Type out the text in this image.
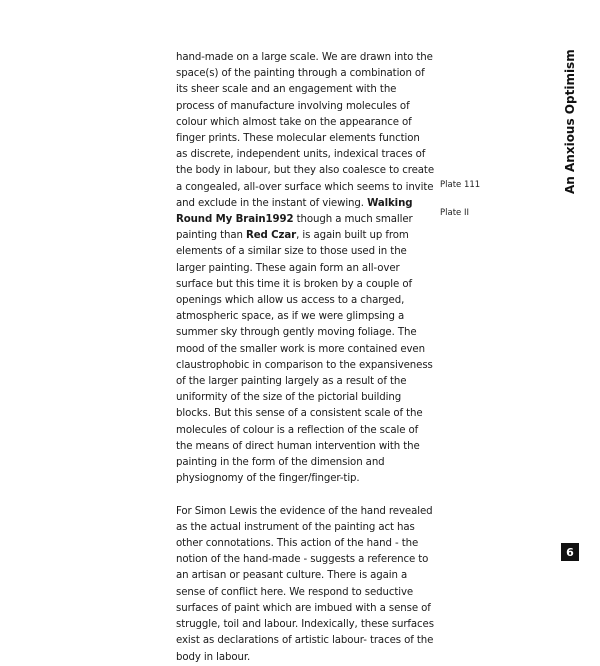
hand-made on a large scale. We are drawn into the space(s) of the painting through a combination of its sheer scale and an engagement with the process of manufacture involving molecules of colour which almost take on the appearance of finger prints. These molecular elements function as discrete, independent units, indexical traces of the body in labour, but they also coalesce to create a congealed, all-over surface which seems to invite and exclude in the instant of viewing. Walking Round My Brain1992 though a much smaller painting than Red Czar, is again built up from elements of a similar size to those used in the larger painting. These again form an all-over surface but this time it is broken by a couple of openings which allow us access to a charged, atmospheric space, as if we were glimpsing a summer sky through gently moving foliage. The mood of the smaller work is more contained even claustrophobic in comparison to the expansiveness of the larger painting largely as a result of the uniformity of the size of the pictorial building blocks. But this sense of a consistent scale of the molecules of colour is a reflection of the scale of the means of direct human intervention with the painting in the form of the dimension and physiognomy of the finger/finger-tip.

For Simon Lewis the evidence of the hand revealed as the actual instrument of the painting act has other connotations. This action of the hand - the notion of the hand-made - suggests a reference to an artisan or peasant culture. There is again a sense of conflict here. We respond to seductive surfaces of paint which are imbued with a sense of struggle, toil and labour. Indexically, these surfaces exist as declarations of artistic labour- traces of the body in labour.

Plate 111
Plate II
An Anxious Optimism
6
